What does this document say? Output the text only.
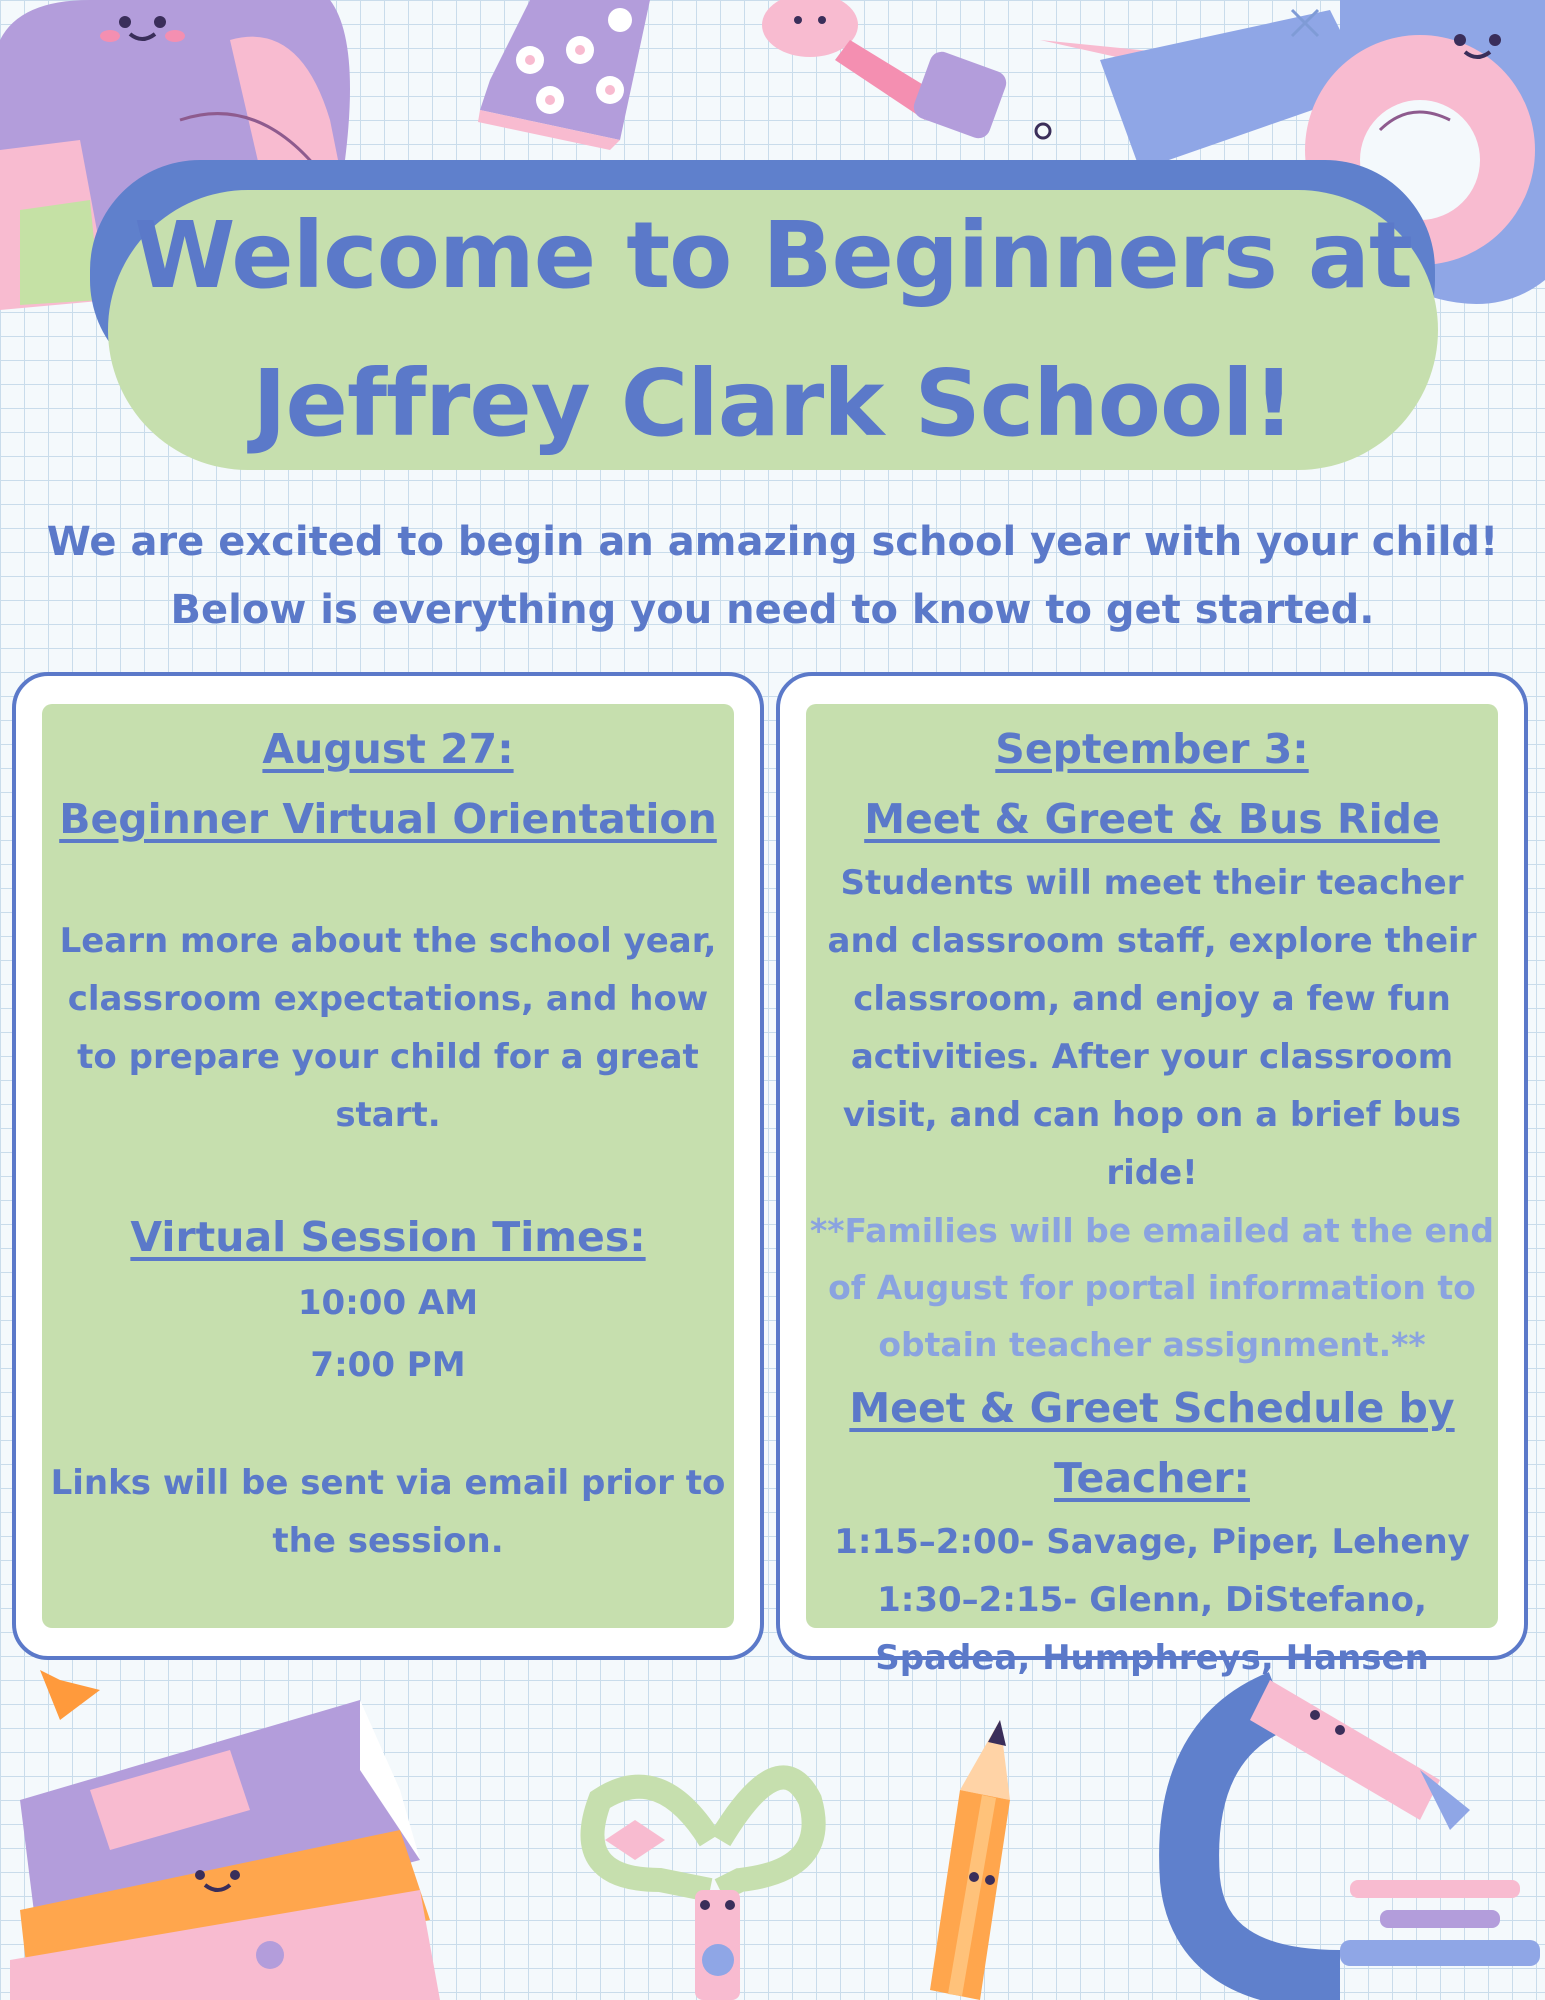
Welcome to Beginners at
Jeffrey Clark School!

We are excited to begin an amazing school year with your child!

Below is everything you need to know to get started.

August 27:

Beginner Virtual Orientation

Learn more about the school year, classroom expectations, and how to prepare your child for a great start.

Virtual Session Times:

10:00 AM

7:00 PM

Links will be sent via email prior to the session.

September 3:

Meet & Greet & Bus Ride

Students will meet their teacher and classroom staff, explore their classroom, and enjoy a few fun activities. After your classroom visit, and can hop on a brief bus ride!

**Families will be emailed at the end of August for portal information to obtain teacher assignment.**

Meet & Greet Schedule by Teacher:

1:15–2:00- Savage, Piper, Leheny

1:30–2:15- Glenn, DiStefano, Spadea, Humphreys, Hansen
